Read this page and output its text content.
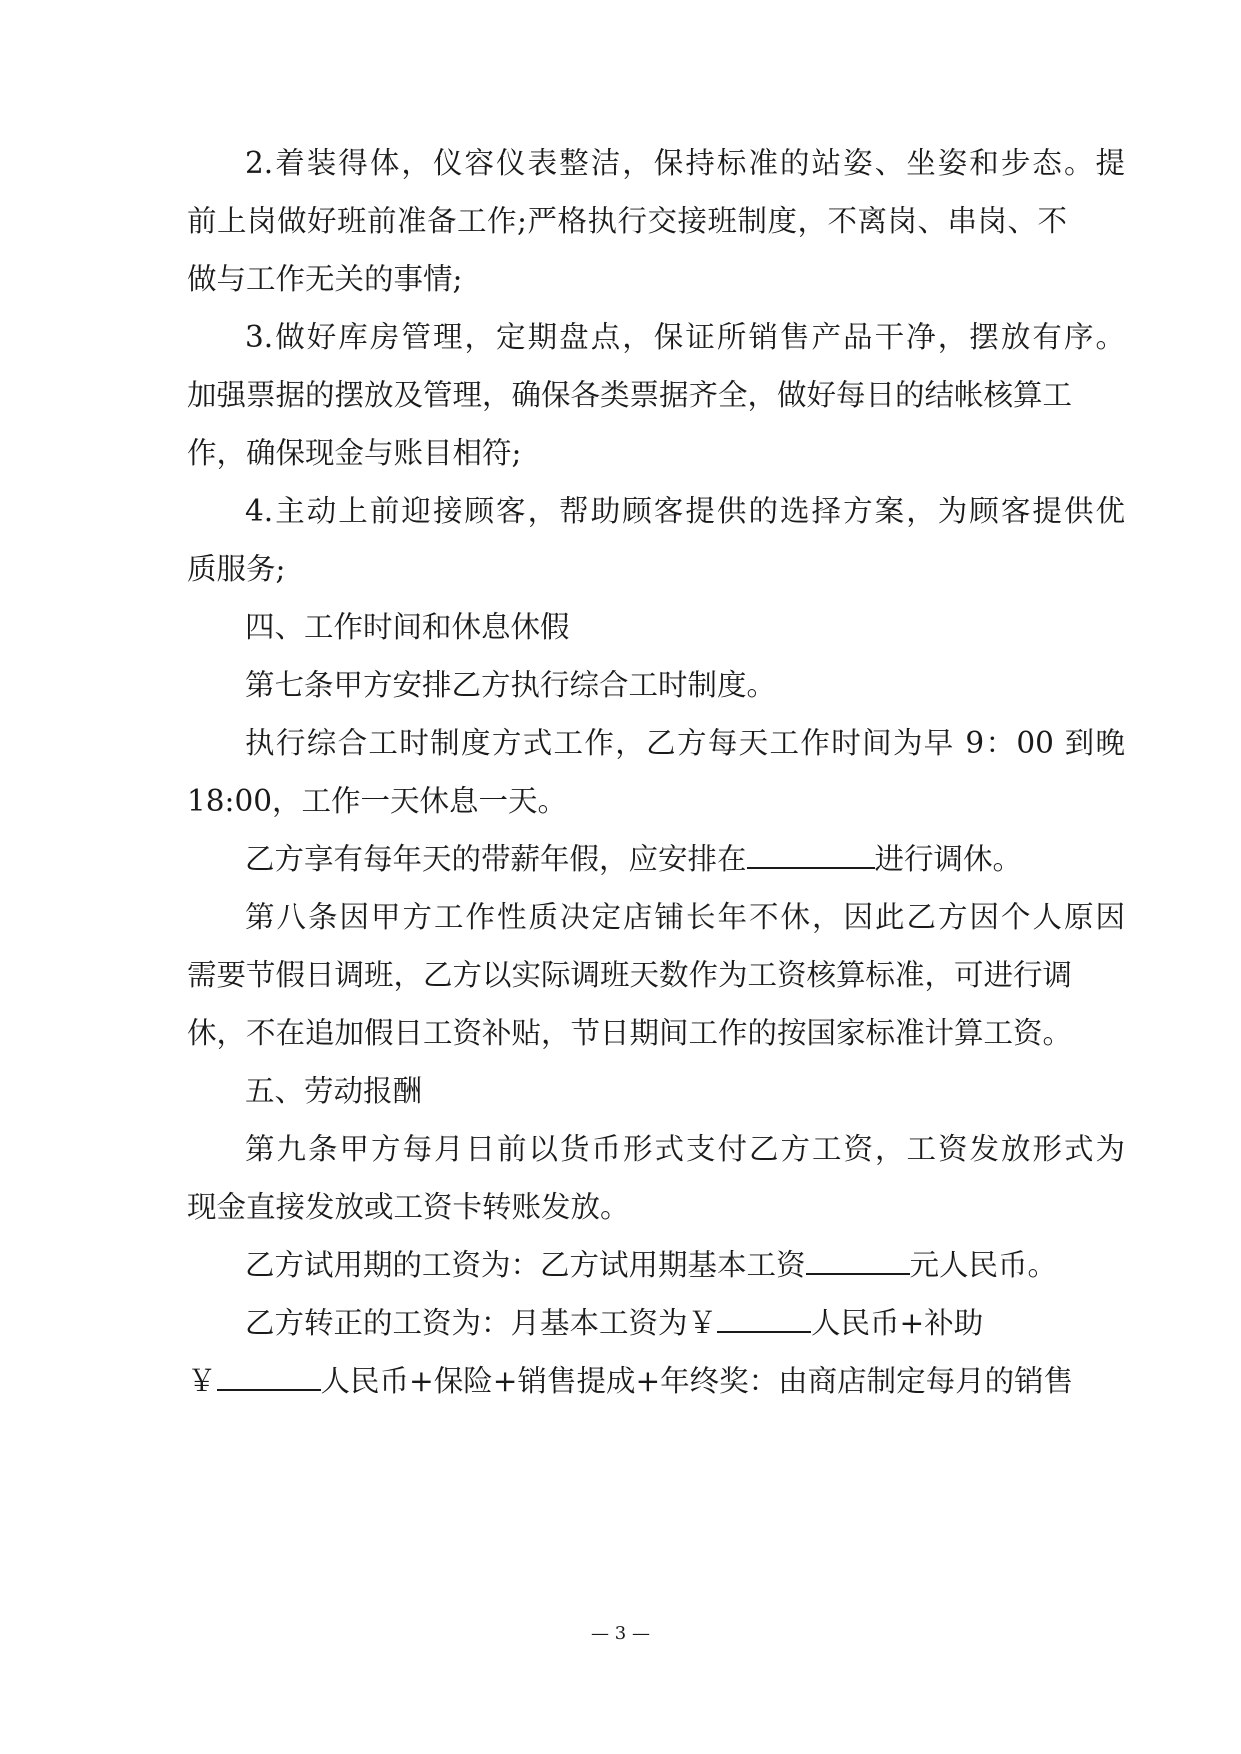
2.着装得体，仪容仪表整洁，保持标准的站姿、坐姿和步态。提

前上岗做好班前准备工作;严格执行交接班制度，不离岗、串岗、不

做与工作无关的事情;

3.做好库房管理，定期盘点，保证所销售产品干净，摆放有序。

加强票据的摆放及管理，确保各类票据齐全，做好每日的结帐核算工

作，确保现金与账目相符;

4.主动上前迎接顾客，帮助顾客提供的选择方案，为顾客提供优

质服务;

四、工作时间和休息休假

第七条甲方安排乙方执行综合工时制度。

执行综合工时制度方式工作，乙方每天工作时间为早 9：00 到晚

18:00，工作一天休息一天。

乙方享有每年天的带薪年假，应安排在	进行调休。

第八条因甲方工作性质决定店铺长年不休，因此乙方因个人原因

需要节假日调班，乙方以实际调班天数作为工资核算标准，可进行调

休，不在追加假日工资补贴，节日期间工作的按国家标准计算工资。

五、劳动报酬

第九条甲方每月日前以货币形式支付乙方工资，工资发放形式为

现金直接发放或工资卡转账发放。

乙方试用期的工资为：乙方试用期基本工资	元人民币。

乙方转正的工资为：月基本工资为￥	人民币+补助

￥	人民币+保险+销售提成+年终奖：由商店制定每月的销售

— 3 —
